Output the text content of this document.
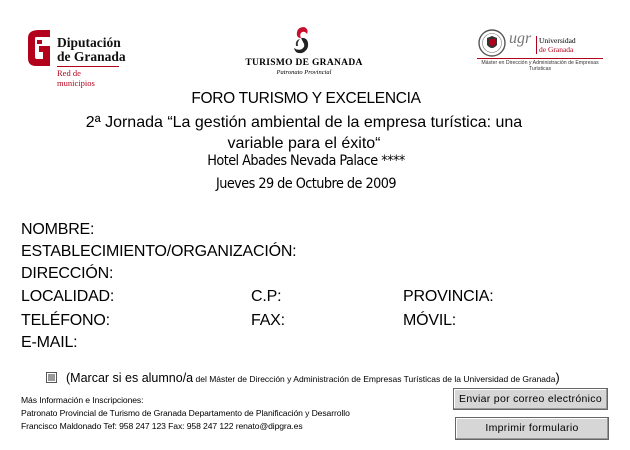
Diputación
de Granada
Red de municipios
TURISMO DE GRANADA
Patronato Provincial
ugr	Universidad
de Granada
Máster en Dirección y Administración de Empresas Turísticas
FORO TURISMO Y EXCELENCIA
2ª Jornada “La gestión ambiental de la empresa turística: una variable para el éxito“
Hotel Abades Nevada Palace ****
Jueves 29 de Octubre de 2009
NOMBRE:
ESTABLECIMIENTO/ORGANIZACIÓN:
DIRECCIÓN:
LOCALIDAD:	C.P:	PROVINCIA:
TELÉFONO:	FAX:	MÓVIL:
E-MAIL:
(Marcar si es alumno/a del Máster de Dirección y Administración de Empresas Turísticas de la Universidad de Granada)
Más Información e Inscripciones:
Patronato Provincial de Turismo de Granada Departamento de Planificación y Desarrollo
Francisco Maldonado Tef: 958 247 123 Fax: 958 247 122 renato@dipgra.es
Enviar por correo electrónico
Imprimir formulario
